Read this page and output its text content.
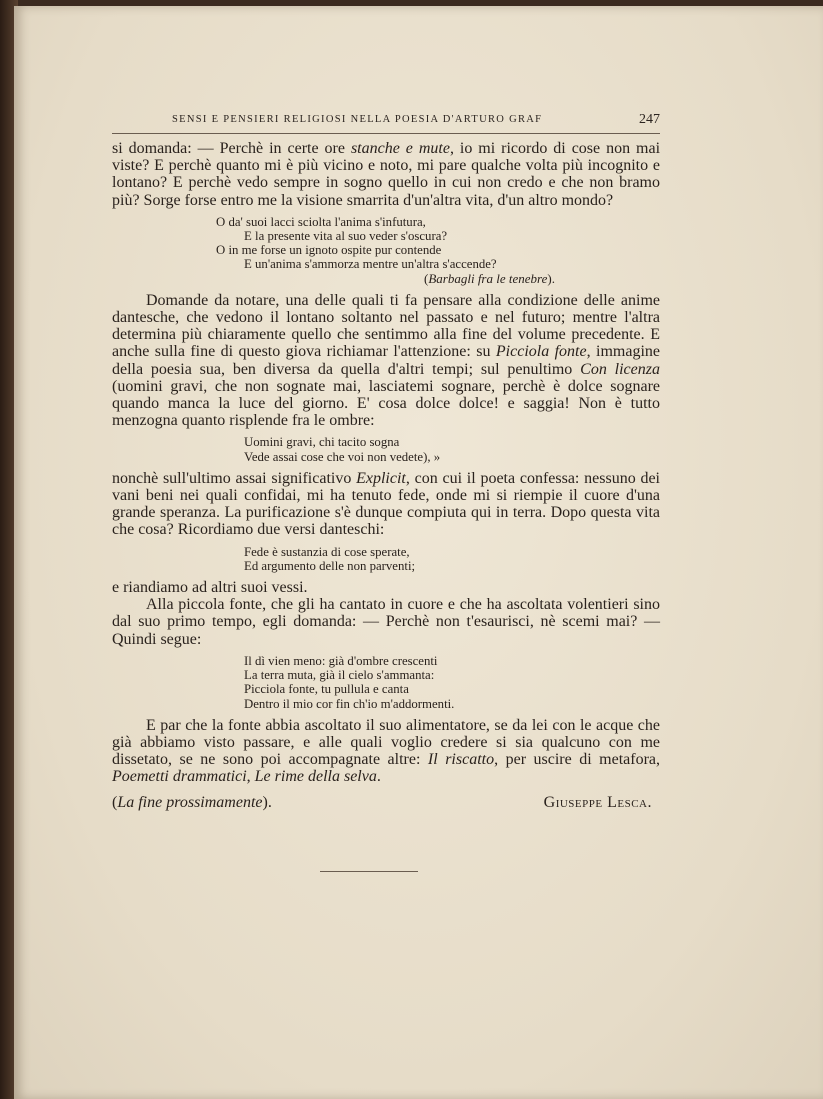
SENSI E PENSIERI RELIGIOSI NELLA POESIA D'ARTURO GRAF	247

si domanda: — Perchè in certe ore stanche e mute, io mi ricordo di cose non mai viste? E perchè quanto mi è più vicino e noto, mi pare qualche volta più incognito e lontano? E perchè vedo sempre in sogno quello in cui non credo e che non bramo più? Sorge forse entro me la visione smarrita d'un'altra vita, d'un altro mondo?

O da' suoi lacci sciolta l'anima s'infutura,
E la presente vita al suo veder s'oscura?
O in me forse un ignoto ospite pur contende
E un'anima s'ammorza mentre un'altra s'accende?
(Barbagli fra le tenebre).

Domande da notare, una delle quali ti fa pensare alla condizione delle anime dantesche, che vedono il lontano soltanto nel passato e nel futuro; mentre l'altra determina più chiaramente quello che sentimmo alla fine del volume precedente. E anche sulla fine di questo giova richiamar l'attenzione: su Picciola fonte, immagine della poesia sua, ben diversa da quella d'altri tempi; sul penultimo Con licenza (uomini gravi, che non sognate mai, lasciatemi sognare, perchè è dolce sognare quando manca la luce del giorno. E' cosa dolce dolce! e saggia! Non è tutto menzogna quanto risplende fra le ombre:

Uomini gravi, chi tacito sogna
Vede assai cose che voi non vedete), »

nonchè sull'ultimo assai significativo Explicit, con cui il poeta confessa: nessuno dei vani beni nei quali confidai, mi ha tenuto fede, onde mi si riempie il cuore d'una grande speranza. La purificazione s'è dunque compiuta qui in terra. Dopo questa vita che cosa? Ricordiamo due versi danteschi:

Fede è sustanzia di cose sperate,
Ed argumento delle non parventi;

e riandiamo ad altri suoi vessi.

Alla piccola fonte, che gli ha cantato in cuore e che ha ascoltata volentieri sino dal suo primo tempo, egli domanda: — Perchè non t'esaurisci, nè scemi mai? — Quindi segue:

Il dì vien meno: già d'ombre crescenti
La terra muta, già il cielo s'ammanta:
Picciola fonte, tu pullula e canta
Dentro il mio cor fin ch'io m'addormenti.

E par che la fonte abbia ascoltato il suo alimentatore, se da lei con le acque che già abbiamo visto passare, e alle quali voglio credere si sia qualcuno con me dissetato, se ne sono poi accompagnate altre: Il riscatto, per uscire di metafora, Poemetti drammatici, Le rime della selva.

(La fine prossimamente).	Giuseppe Lesca.
